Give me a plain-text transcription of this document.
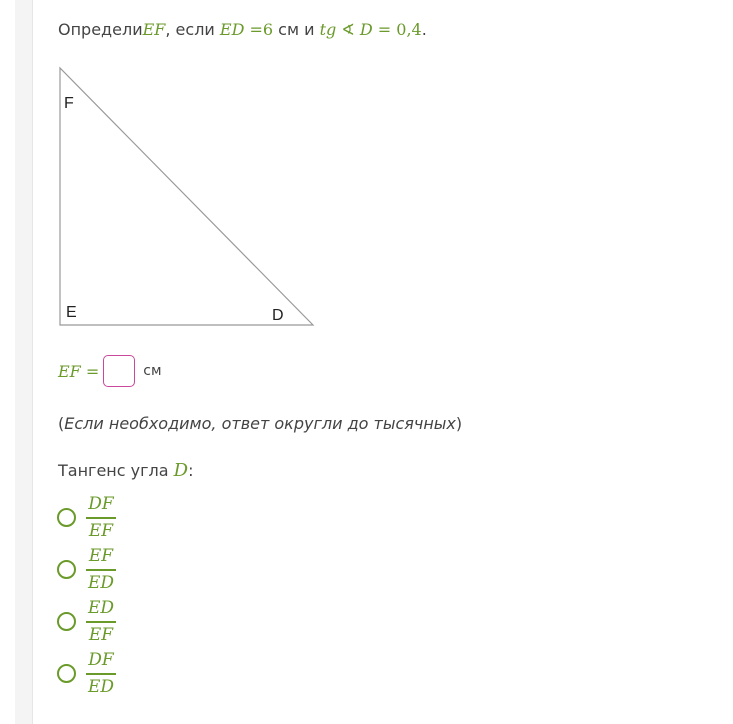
ОпределиEF, если ED =6 см и tg ∢ D = 0,4.
F
E	D
EF =	см
(Если необходимо, ответ округли до тысячных)
Тангенс угла D:
$\frac{DF}{EF}$
$\frac{EF}{ED}$
$\frac{ED}{EF}$
$\frac{DF}{ED}$
